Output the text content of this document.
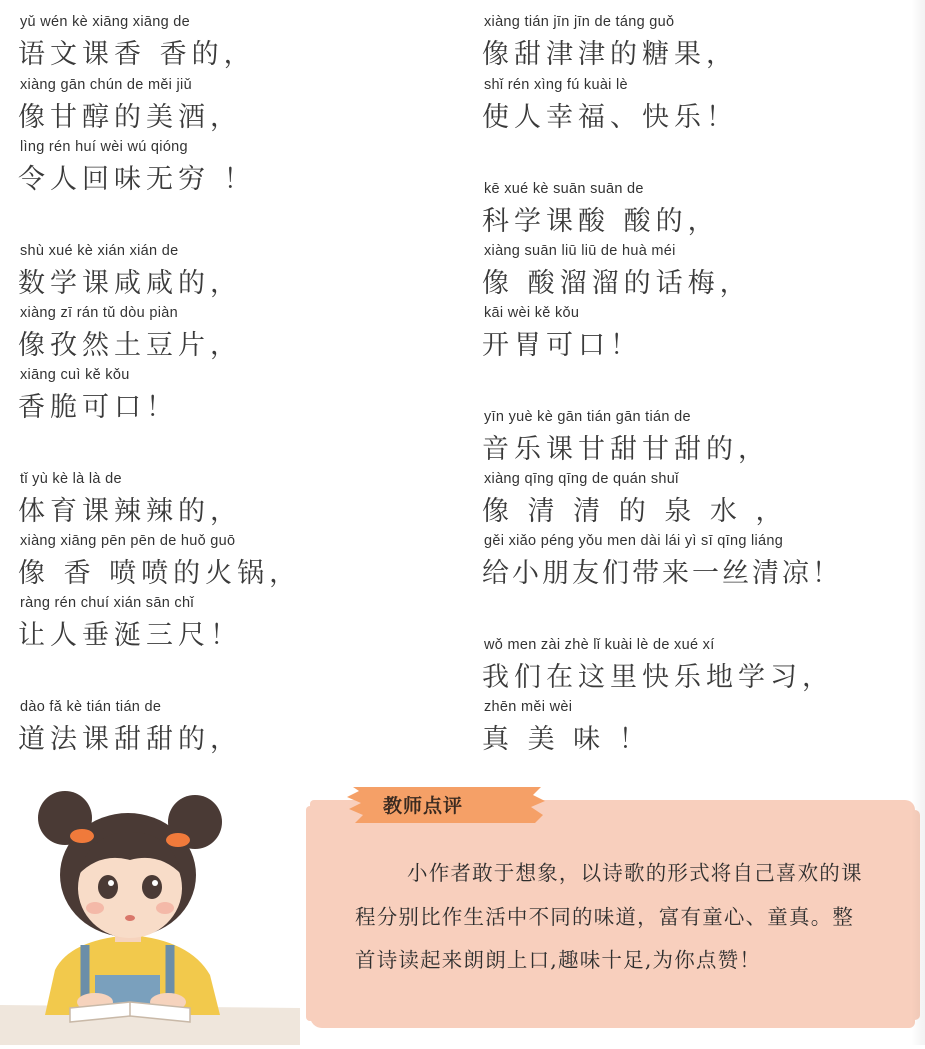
yǔ wén kè xiāng xiāng de
语文课香 香的，
xiàng gān chún de měi jiǔ
像甘醇的美酒，
lìng rén huí wèi wú qióng
令人回味无穷 ！
shù xué kè xián xián de
数学课咸咸的，
xiàng zī rán tǔ dòu piàn
像孜然土豆片，
xiāng cuì kě kǒu
香脆可口！
tǐ yù kè là là de
体育课辣辣的，
xiàng xiāng pēn pēn de huǒ guō
像 香 喷喷的火锅，
ràng rén chuí xián sān chǐ
让人垂涎三尺！
dào fǎ kè tián tián de
道法课甜甜的，
xiàng tián jīn jīn de táng guǒ
像甜津津的糖果，
shǐ rén xìng fú kuài lè
使人幸福、快乐！
kē xué kè suān suān de
科学课酸 酸的，
xiàng suān liū liū de huà méi
像 酸溜溜的话梅，
kāi wèi kě kǒu
开胃可口！
yīn yuè kè gān tián gān tián de
音乐课甘甜甘甜的，
xiàng qīng qīng de quán shuǐ
像 清 清 的 泉 水 ，
gěi xiǎo péng yǒu men dài lái yì sī qīng liáng
给小朋友们带来一丝清凉！
wǒ men zài zhè lǐ kuài lè de xué xí
我们在这里快乐地学习，
zhēn měi wèi
真 美 味 ！
教师点评
小作者敢于想象，以诗歌的形式将自己喜欢的课程分别比作生活中不同的味道，富有童心、童真。整首诗读起来朗朗上口,趣味十足,为你点赞！
